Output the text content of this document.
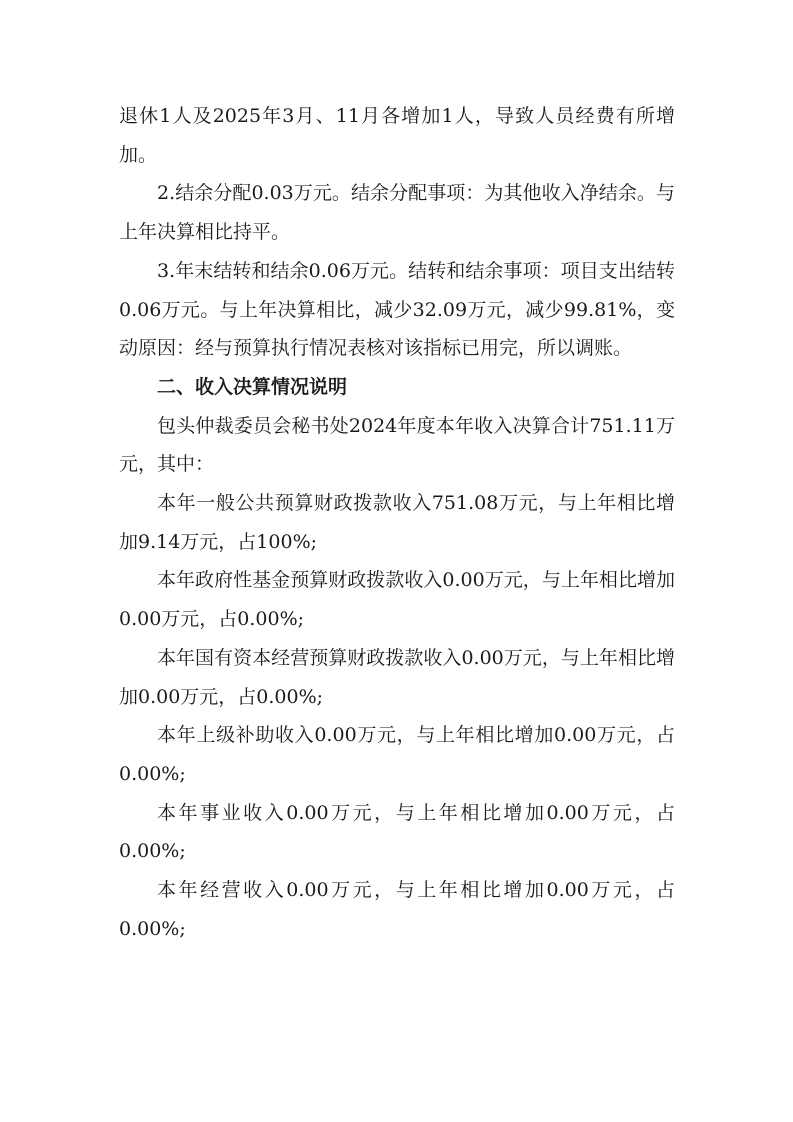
退休1人及2025年3月、11月各增加1人，导致人员经费有所增加。

2.结余分配0.03万元。结余分配事项：为其他收入净结余。与上年决算相比持平。

3.年末结转和结余0.06万元。结转和结余事项：项目支出结转0.06万元。与上年决算相比，减少32.09万元，减少99.81%，变动原因：经与预算执行情况表核对该指标已用完，所以调账。

二、收入决算情况说明

包头仲裁委员会秘书处2024年度本年收入决算合计751.11万元，其中：

本年一般公共预算财政拨款收入751.08万元，与上年相比增加9.14万元，占100%;

本年政府性基金预算财政拨款收入0.00万元，与上年相比增加0.00万元，占0.00%;

本年国有资本经营预算财政拨款收入0.00万元，与上年相比增加0.00万元，占0.00%;

本年上级补助收入0.00万元，与上年相比增加0.00万元，占0.00%;

本年事业收入0.00万元，与上年相比增加0.00万元，占0.00%;

本年经营收入0.00万元，与上年相比增加0.00万元，占0.00%;
